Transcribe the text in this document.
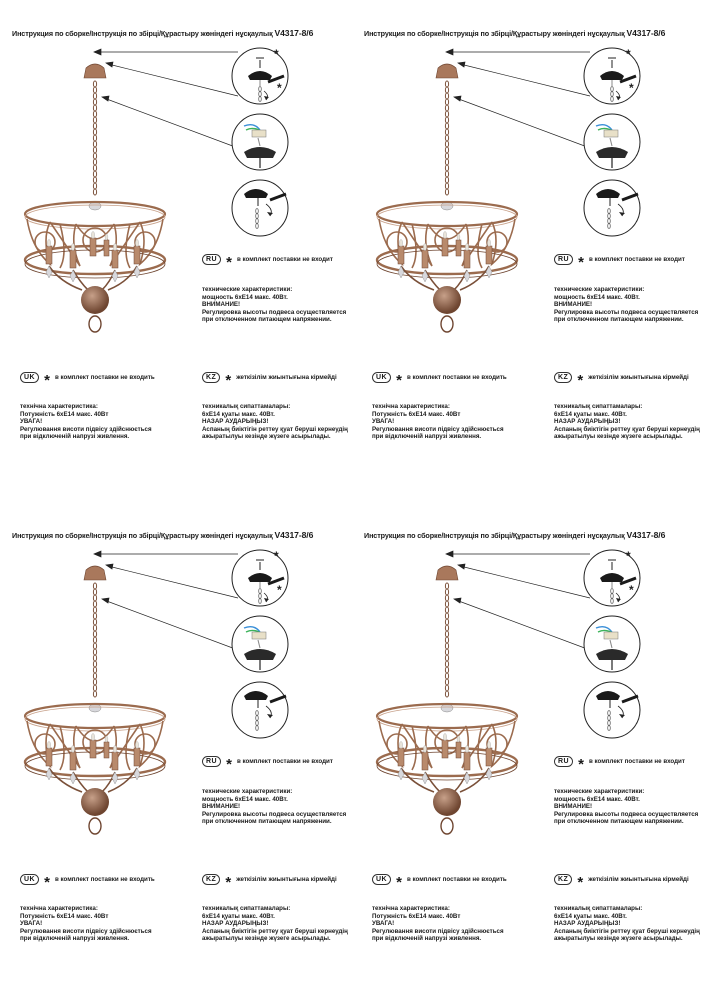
Инструкция по сборке/Інструкція по збірці/Құрастыру жөніндегі нұсқаулық V4317-8/6
*
*
RU * в комплект поставки не входит
технические характеристики:
мощность 6хЕ14 макс. 40Вт.
ВНИМАНИЕ!
Регулировка высоты подвеса осуществляется
при отключенном питающем напряжении.
UK * в комплект поставки не входить
технічна характеристика:
Потужність 6хЕ14 макс. 40Вт
УВАГА!
Регулювання висоти підвісу здійснюється
при відключеній напрузі живлення.
KZ * жеткізілім жиынтығына кірмейді
техникалық сипаттамалары:
6хЕ14 қуаты макс. 40Вт.
НАЗАР АУДАРЫҢЫЗ!
Аспаның биіктігін реттеу қуат беруші кернеудің
ажыратылуы кезінде жүзеге асырылады.
Инструкция по сборке/Інструкція по збірці/Құрастыру жөніндегі нұсқаулық V4317-8/6
*
*
RU * в комплект поставки не входит
технические характеристики:
мощность 6хЕ14 макс. 40Вт.
ВНИМАНИЕ!
Регулировка высоты подвеса осуществляется
при отключенном питающем напряжении.
UK * в комплект поставки не входить
технічна характеристика:
Потужність 6хЕ14 макс. 40Вт
УВАГА!
Регулювання висоти підвісу здійснюється
при відключеній напрузі живлення.
KZ * жеткізілім жиынтығына кірмейді
техникалық сипаттамалары:
6хЕ14 қуаты макс. 40Вт.
НАЗАР АУДАРЫҢЫЗ!
Аспаның биіктігін реттеу қуат беруші кернеудің
ажыратылуы кезінде жүзеге асырылады.
Инструкция по сборке/Інструкція по збірці/Құрастыру жөніндегі нұсқаулық V4317-8/6
*
*
RU * в комплект поставки не входит
технические характеристики:
мощность 6хЕ14 макс. 40Вт.
ВНИМАНИЕ!
Регулировка высоты подвеса осуществляется
при отключенном питающем напряжении.
UK * в комплект поставки не входить
технічна характеристика:
Потужність 6хЕ14 макс. 40Вт
УВАГА!
Регулювання висоти підвісу здійснюється
при відключеній напрузі живлення.
KZ * жеткізілім жиынтығына кірмейді
техникалық сипаттамалары:
6хЕ14 қуаты макс. 40Вт.
НАЗАР АУДАРЫҢЫЗ!
Аспаның биіктігін реттеу қуат беруші кернеудің
ажыратылуы кезінде жүзеге асырылады.
Инструкция по сборке/Інструкція по збірці/Құрастыру жөніндегі нұсқаулық V4317-8/6
*
*
RU * в комплект поставки не входит
технические характеристики:
мощность 6хЕ14 макс. 40Вт.
ВНИМАНИЕ!
Регулировка высоты подвеса осуществляется
при отключенном питающем напряжении.
UK * в комплект поставки не входить
технічна характеристика:
Потужність 6хЕ14 макс. 40Вт
УВАГА!
Регулювання висоти підвісу здійснюється
при відключеній напрузі живлення.
KZ * жеткізілім жиынтығына кірмейді
техникалық сипаттамалары:
6хЕ14 қуаты макс. 40Вт.
НАЗАР АУДАРЫҢЫЗ!
Аспаның биіктігін реттеу қуат беруші кернеудің
ажыратылуы кезінде жүзеге асырылады.
